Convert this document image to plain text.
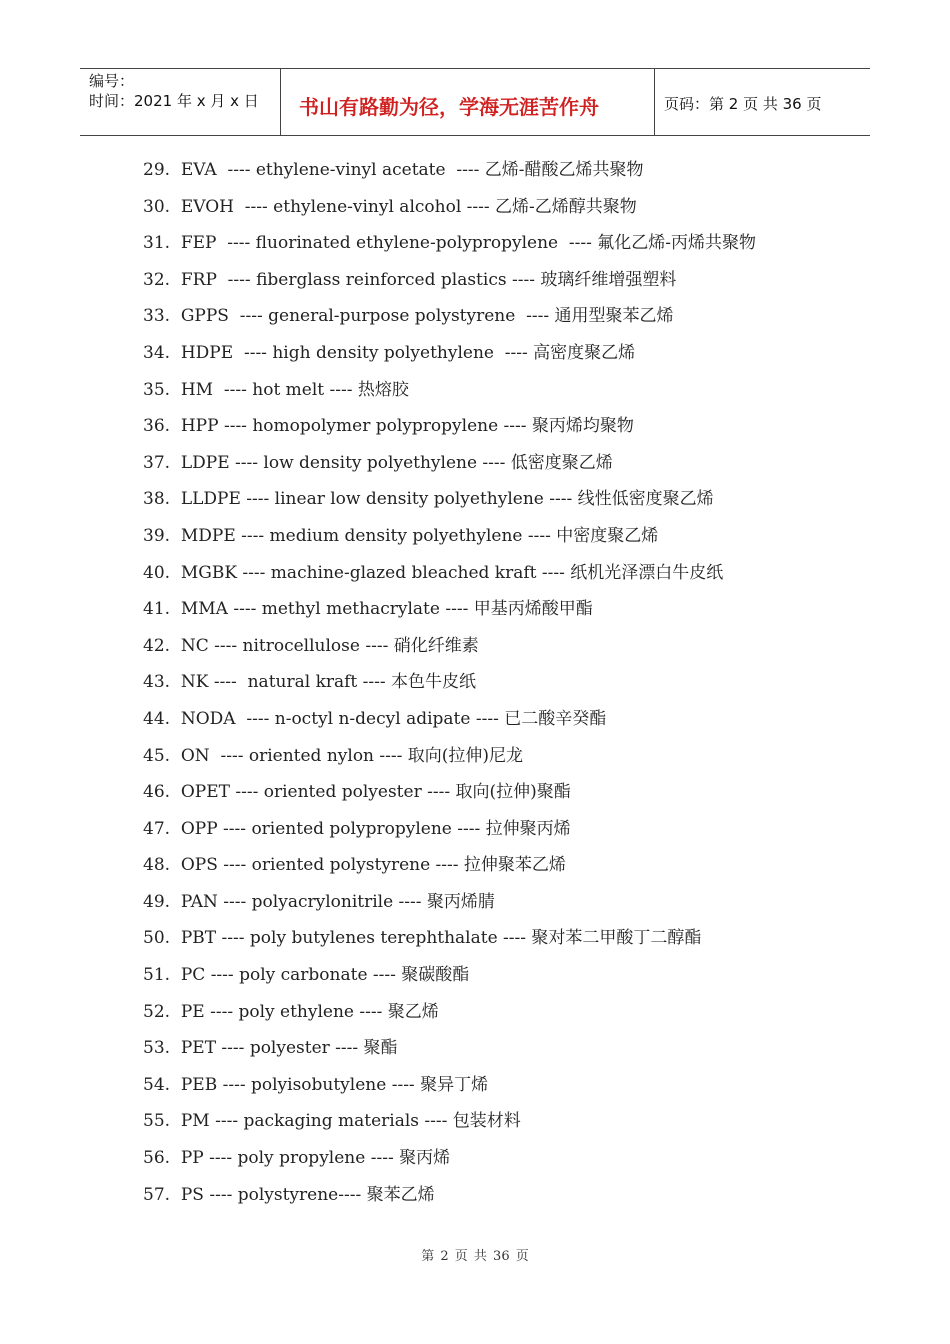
编号：
时间：2021 年 x 月 x 日	书山有路勤为径，学海无涯苦作舟	页码：第 2 页 共 36 页
29.  EVA  ---- ethylene-vinyl acetate  ---- 乙烯-醋酸乙烯共聚物
30.  EVOH  ---- ethylene-vinyl alcohol ---- 乙烯-乙烯醇共聚物
31.  FEP  ---- fluorinated ethylene-polypropylene  ---- 氟化乙烯-丙烯共聚物
32.  FRP  ---- fiberglass reinforced plastics ---- 玻璃纤维增强塑料
33.  GPPS  ---- general-purpose polystyrene  ---- 通用型聚苯乙烯
34.  HDPE  ---- high density polyethylene  ---- 高密度聚乙烯
35.  HM  ---- hot melt ---- 热熔胶
36.  HPP ---- homopolymer polypropylene ---- 聚丙烯均聚物
37.  LDPE ---- low density polyethylene ---- 低密度聚乙烯
38.  LLDPE ---- linear low density polyethylene ---- 线性低密度聚乙烯
39.  MDPE ---- medium density polyethylene ---- 中密度聚乙烯
40.  MGBK ---- machine-glazed bleached kraft ---- 纸机光泽漂白牛皮纸
41.  MMA ---- methyl methacrylate ---- 甲基丙烯酸甲酯
42.  NC ---- nitrocellulose ---- 硝化纤维素
43.  NK ----  natural kraft ---- 本色牛皮纸
44.  NODA  ---- n-octyl n-decyl adipate ---- 已二酸辛癸酯
45.  ON  ---- oriented nylon ---- 取向(拉伸)尼龙
46.  OPET ---- oriented polyester ---- 取向(拉伸)聚酯
47.  OPP ---- oriented polypropylene ---- 拉伸聚丙烯
48.  OPS ---- oriented polystyrene ---- 拉伸聚苯乙烯
49.  PAN ---- polyacrylonitrile ---- 聚丙烯腈
50.  PBT ---- poly butylenes terephthalate ---- 聚对苯二甲酸丁二醇酯
51.  PC ---- poly carbonate ---- 聚碳酸酯
52.  PE ---- poly ethylene ---- 聚乙烯
53.  PET ---- polyester ---- 聚酯
54.  PEB ---- polyisobutylene ---- 聚异丁烯
55.  PM ---- packaging materials ---- 包装材料
56.  PP ---- poly propylene ---- 聚丙烯
57.  PS ---- polystyrene---- 聚苯乙烯
第 2 页 共 36 页
